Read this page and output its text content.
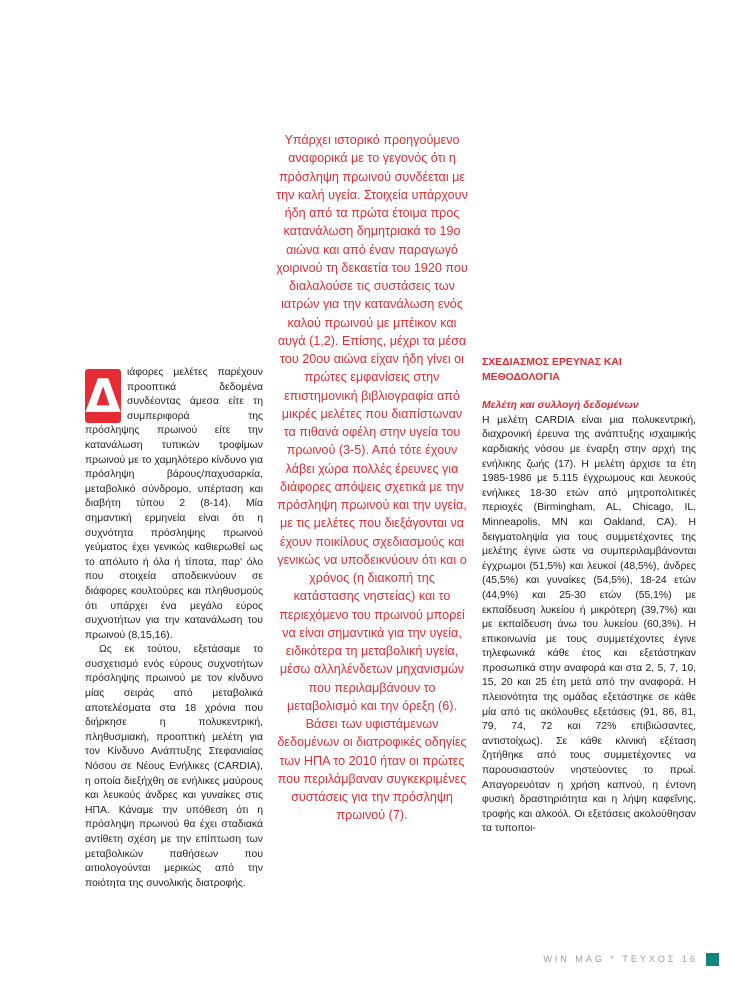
Δ ιάφορες μελέτες παρέχουν προοπτικά δεδομένα συνδέοντας άμεσα είτε τη συμπεριφορά της πρόσληψης πρωινού είτε την κατανάλωση τυπικών τροφίμων πρωινού με το χαμηλότερο κίνδυνο για πρόσληψη βάρους/παχυσαρκία, μεταβολικό σύνδρομο, υπέρταση και διαβήτη τύπου 2 (8-14). Μία σημαντική ερμηνεία είναι ότι η συχνότητα πρόσληψης πρωινού γεύματος έχει γενικώς καθιερωθεί ως το απόλυτο ή όλα ή τίποτα, παρ' όλο που στοιχεία αποδεικνύουν σε διάφορες κουλτούρες και πληθυσμούς ότι υπάρχει ένα μεγάλο εύρος συχνοτήτων για την κατανάλωση του πρωινού (8,15,16).

Ως εκ τούτου, εξετάσαμε το συσχετισμό ενός εύρους συχνοτήτων πρόσληψης πρωινού με τον κίνδυνο μίας σειράς από μεταβολικά αποτελέσματα στα 18 χρόνια που διήρκησε η πολυκεντρική, πληθυσμιακή, προοπτική μελέτη για τον Κίνδυνο Ανάπτυξης Στεφανιαίας Νόσου σε Νέους Ενήλικες (CARDIA), η οποία διεξήχθη σε ενήλικες μαύρους και λευκούς άνδρες και γυναίκες στις ΗΠΑ. Κάναμε την υπόθεση ότι η πρόσληψη πρωινού θα έχει σταδιακά αντίθετη σχέση με την επίπτωση των μεταβολικών παθήσεων που αιτιολογούνται μερικώς από την ποιότητα της συνολικής διατροφής.

Υπάρχει ιστορικό προηγούμενο αναφορικά με το γεγονός ότι η πρόσληψη πρωινού συνδέεται με την καλή υγεία. Στοιχεία υπάρχουν ήδη από τα πρώτα έτοιμα προς κατανάλωση δημητριακά το 19ο αιώνα και από έναν παραγωγό χοιρινού τη δεκαετία του 1920 που διαλαλούσε τις συστάσεις των ιατρών για την κατανάλωση ενός καλού πρωινού με μπέικον και αυγά (1,2). Επίσης, μέχρι τα μέσα του 20ου αιώνα είχαν ήδη γίνει οι πρώτες εμφανίσεις στην επιστημονική βιβλιογραφία από μικρές μελέτες που διαπίστωναν τα πιθανά οφέλη στην υγεία του πρωινού (3-5). Από τότε έχουν λάβει χώρα πολλές έρευνες για διάφορες απόψεις σχετικά με την πρόσληψη πρωινού και την υγεία, με τις μελέτες που διεξάγονται να έχουν ποικίλους σχεδιασμούς και γενικώς να υποδεικνύουν ότι και ο χρόνος (η διακοπή της κατάστασης νηστείας) και το περιεχόμενο του πρωινού μπορεί να είναι σημαντικά για την υγεία, ειδικότερα τη μεταβολική υγεία, μέσω αλληλένδετων μηχανισμών που περιλαμβάνουν το μεταβολισμό και την όρεξη (6). Βάσει των υφιστάμενων δεδομένων οι διατροφικές οδηγίες των ΗΠΑ το 2010 ήταν οι πρώτες που περιλάμβαναν συγκεκριμένες συστάσεις για την πρόσληψη πρωινού (7).

ΣΧΕΔΙΑΣΜΟΣ ΕΡΕΥΝΑΣ ΚΑΙ ΜΕΘΟΔΟΛΟΓΙΑ
Μελέτη και συλλογή δεδομένων

Η μελέτη CARDIA είναι μια πολυκεντρική, διαχρονική έρευνα της ανάπτυξης ισχαιμικής καρδιακής νόσου με έναρξη στην αρχή της ενήλικης ζωής (17). Η μελέτη άρχισε τα έτη 1985-1986 με 5.115 έγχρωμους και λευκούς ενήλικες 18-30 ετών από μητροπολιτικές περιοχές (Birmingham, AL, Chicago, IL, Minneapolis, MN και Oakland, CA). Η δειγματοληψία για τους συμμετέχοντες της μελέτης έγινε ώστε να συμπεριλαμβάνονται έγχρωμοι (51,5%) και λευκοί (48,5%), άνδρες (45,5%) και γυναίκες (54,5%), 18-24 ετών (44,9%) και 25-30 ετών (55,1%) με εκπαίδευση λυκείου ή μικρότερη (39,7%) και με εκπαίδευση άνω του λυκείου (60,3%). Η επικοινωνία με τους συμμετέχοντες έγινε τηλεφωνικά κάθε έτος και εξετάστηκαν προσωπικά στην αναφορά και στα 2, 5, 7, 10, 15, 20 και 25 έτη μετά από την αναφορά. Η πλειονότητα της ομάδας εξετάστηκε σε κάθε μία από τις ακόλουθες εξετάσεις (91, 86, 81, 79, 74, 72 και 72% επιβιώσαντες, αντιστοίχως). Σε κάθε κλινική εξέταση ζητήθηκε από τους συμμετέχοντες να παρουσιαστούν νηστεύοντες το πρωί. Απαγορευόταν η χρήση καπνού, η έντονη φυσική δραστηριότητα και η λήψη καφεΐνης, τροφής και αλκοόλ. Οι εξετάσεις ακολούθησαν τα τυποποι-

WIN MAG * ΤΕΥΧΟΣ 16
